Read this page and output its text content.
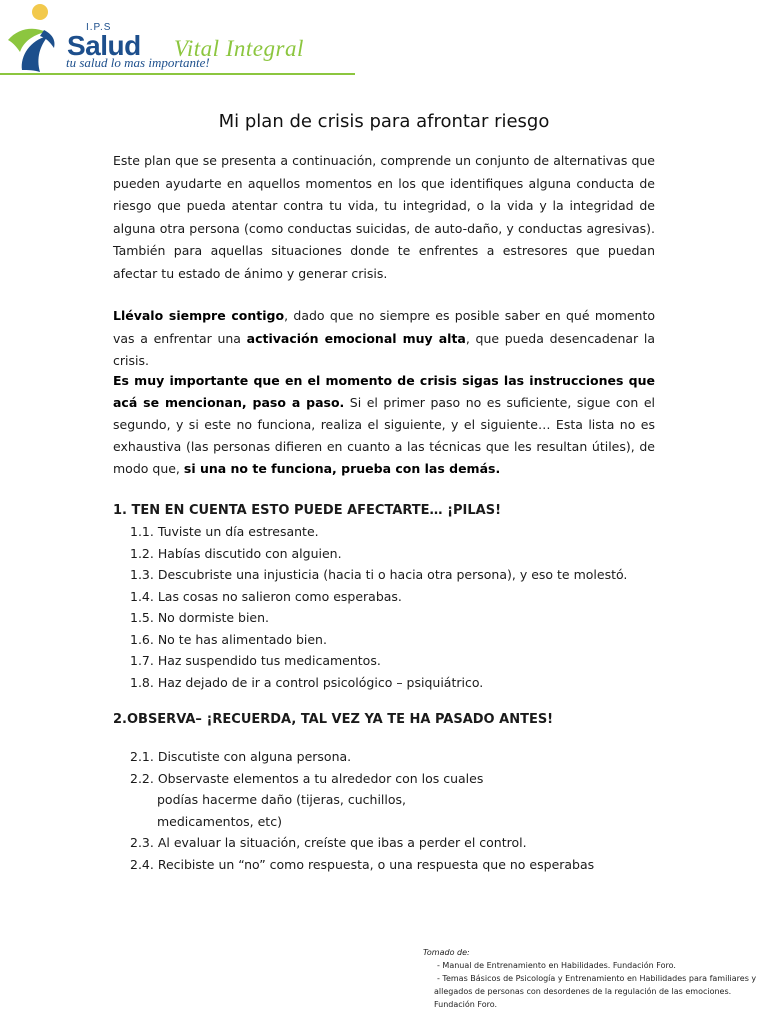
I.P.S
Salud Vital Integral
tu salud lo mas importante!
Mi plan de crisis para afrontar riesgo

Este plan que se presenta a continuación, comprende un conjunto de alternativas que pueden ayudarte en aquellos momentos en los que identifiques alguna conducta de riesgo que pueda atentar contra tu vida, tu integridad, o la vida y la integridad de alguna otra persona (como conductas suicidas, de auto-daño, y conductas agresivas). También para aquellas situaciones donde te enfrentes a estresores que puedan afectar tu estado de ánimo y generar crisis.

Llévalo siempre contigo, dado que no siempre es posible saber en qué momento vas a enfrentar una activación emocional muy alta, que pueda desencadenar la crisis.

Es muy importante que en el momento de crisis sigas las instrucciones que acá se mencionan, paso a paso. Si el primer paso no es suficiente, sigue con el segundo, y si este no funciona, realiza el siguiente, y el siguiente… Esta lista no es exhaustiva (las personas difieren en cuanto a las técnicas que les resultan útiles), de modo que, si una no te funciona, prueba con las demás.

1. TEN EN CUENTA ESTO PUEDE AFECTARTE… ¡PILAS!
1.1. Tuviste un día estresante.
1.2. Habías discutido con alguien.
1.3. Descubriste una injusticia (hacia ti o hacia otra persona), y eso te molestó.
1.4. Las cosas no salieron como esperabas.
1.5. No dormiste bien.
1.6. No te has alimentado bien.
1.7. Haz suspendido tus medicamentos.
1.8. Haz dejado de ir a control psicológico – psiquiátrico.
2.OBSERVA– ¡RECUERDA, TAL VEZ YA TE HA PASADO ANTES!
2.1. Discutiste con alguna persona.
2.2. Observaste elementos a tu alrededor con los cuales
podías hacerme daño (tijeras, cuchillos,
medicamentos, etc)
2.3. Al evaluar la situación, creíste que ibas a perder el control.
2.4. Recibiste un “no” como respuesta, o una respuesta que no esperabas
Tomado de:
- Manual de Entrenamiento en Habilidades. Fundación Foro.
- Temas Básicos de Psicología y Entrenamiento en Habilidades para familiares y
allegados de personas con desordenes de la regulación de las emociones.
Fundación Foro.
